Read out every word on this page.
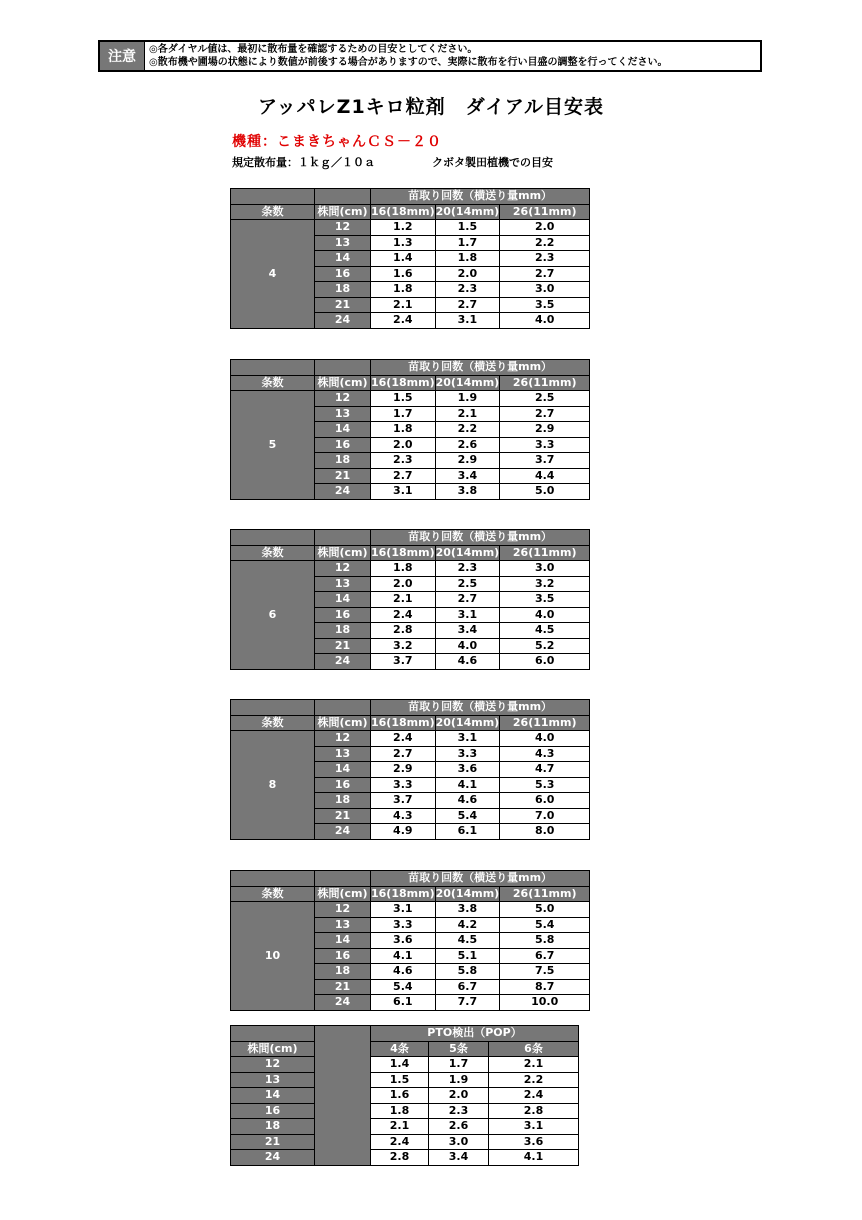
注意	◎各ダイヤル値は、最初に散布量を確認するための目安としてください。
◎散布機や圃場の状態により数値が前後する場合がありますので、実際に散布を行い目盛の調整を行ってください。
アッパレZ1キロ粒剤　ダイアル目安表
機種：こまきちゃんＣＳ－２０
規定散布量：１ｋｇ／１０ａ	クボタ製田植機での目安
		苗取り回数（横送り量mm）		
条数	株間(cm)	16(18mm)	20(14mm)	26(11mm)
4	12	1.2	1.5	2.0
	13	1.3	1.7	2.2
	14	1.4	1.8	2.3
	16	1.6	2.0	2.7
	18	1.8	2.3	3.0
	21	2.1	2.7	3.5
	24	2.4	3.1	4.0
		苗取り回数（横送り量mm）		
条数	株間(cm)	16(18mm)	20(14mm)	26(11mm)
5	12	1.5	1.9	2.5
	13	1.7	2.1	2.7
	14	1.8	2.2	2.9
	16	2.0	2.6	3.3
	18	2.3	2.9	3.7
	21	2.7	3.4	4.4
	24	3.1	3.8	5.0
		苗取り回数（横送り量mm）		
条数	株間(cm)	16(18mm)	20(14mm)	26(11mm)
6	12	1.8	2.3	3.0
	13	2.0	2.5	3.2
	14	2.1	2.7	3.5
	16	2.4	3.1	4.0
	18	2.8	3.4	4.5
	21	3.2	4.0	5.2
	24	3.7	4.6	6.0
		苗取り回数（横送り量mm）		
条数	株間(cm)	16(18mm)	20(14mm)	26(11mm)
8	12	2.4	3.1	4.0
	13	2.7	3.3	4.3
	14	2.9	3.6	4.7
	16	3.3	4.1	5.3
	18	3.7	4.6	6.0
	21	4.3	5.4	7.0
	24	4.9	6.1	8.0
		苗取り回数（横送り量mm）		
条数	株間(cm)	16(18mm)	20(14mm)	26(11mm)
10	12	3.1	3.8	5.0
	13	3.3	4.2	5.4
	14	3.6	4.5	5.8
	16	4.1	5.1	6.7
	18	4.6	5.8	7.5
	21	5.4	6.7	8.7
	24	6.1	7.7	10.0
		PTO検出（POP）		
株間(cm)		4条	5条	6条
12		1.4	1.7	2.1
13		1.5	1.9	2.2
14		1.6	2.0	2.4
16		1.8	2.3	2.8
18		2.1	2.6	3.1
21		2.4	3.0	3.6
24		2.8	3.4	4.1
